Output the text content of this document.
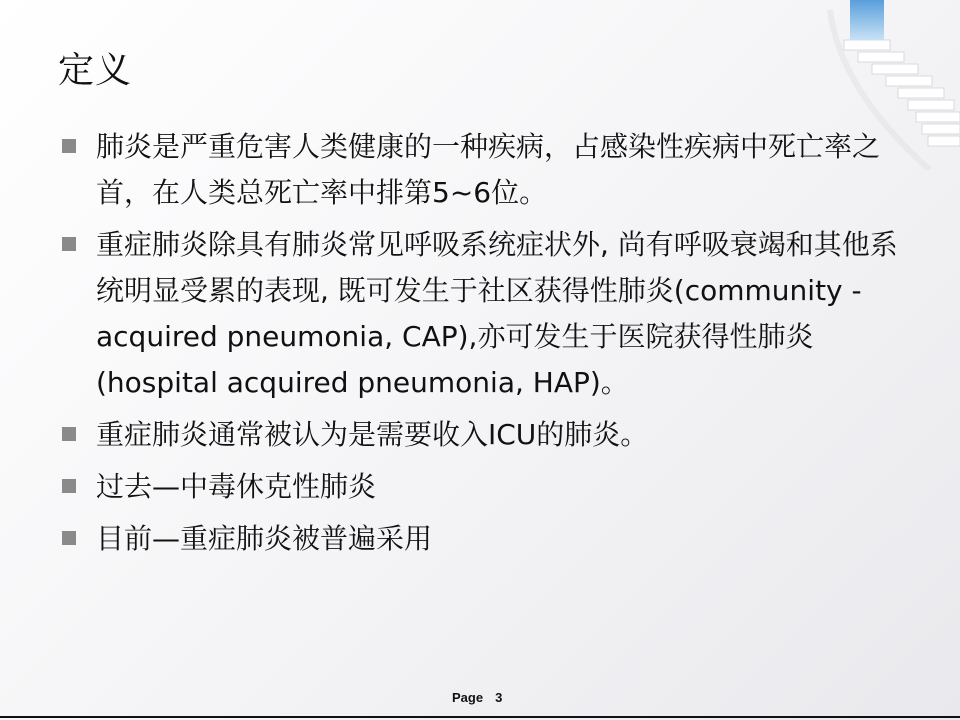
定义
肺炎是严重危害人类健康的一种疾病，占感染性疾病中死亡率之首，在人类总死亡率中排第5~6位。
重症肺炎除具有肺炎常见呼吸系统症状外, 尚有呼吸衰竭和其他系统明显受累的表现, 既可发生于社区获得性肺炎(community -acquired pneumonia, CAP),亦可发生于医院获得性肺炎(hospital acquired pneumonia, HAP)。
重症肺炎通常被认为是需要收入ICU的肺炎。
过去—中毒休克性肺炎
目前—重症肺炎被普遍采用
Page 3
